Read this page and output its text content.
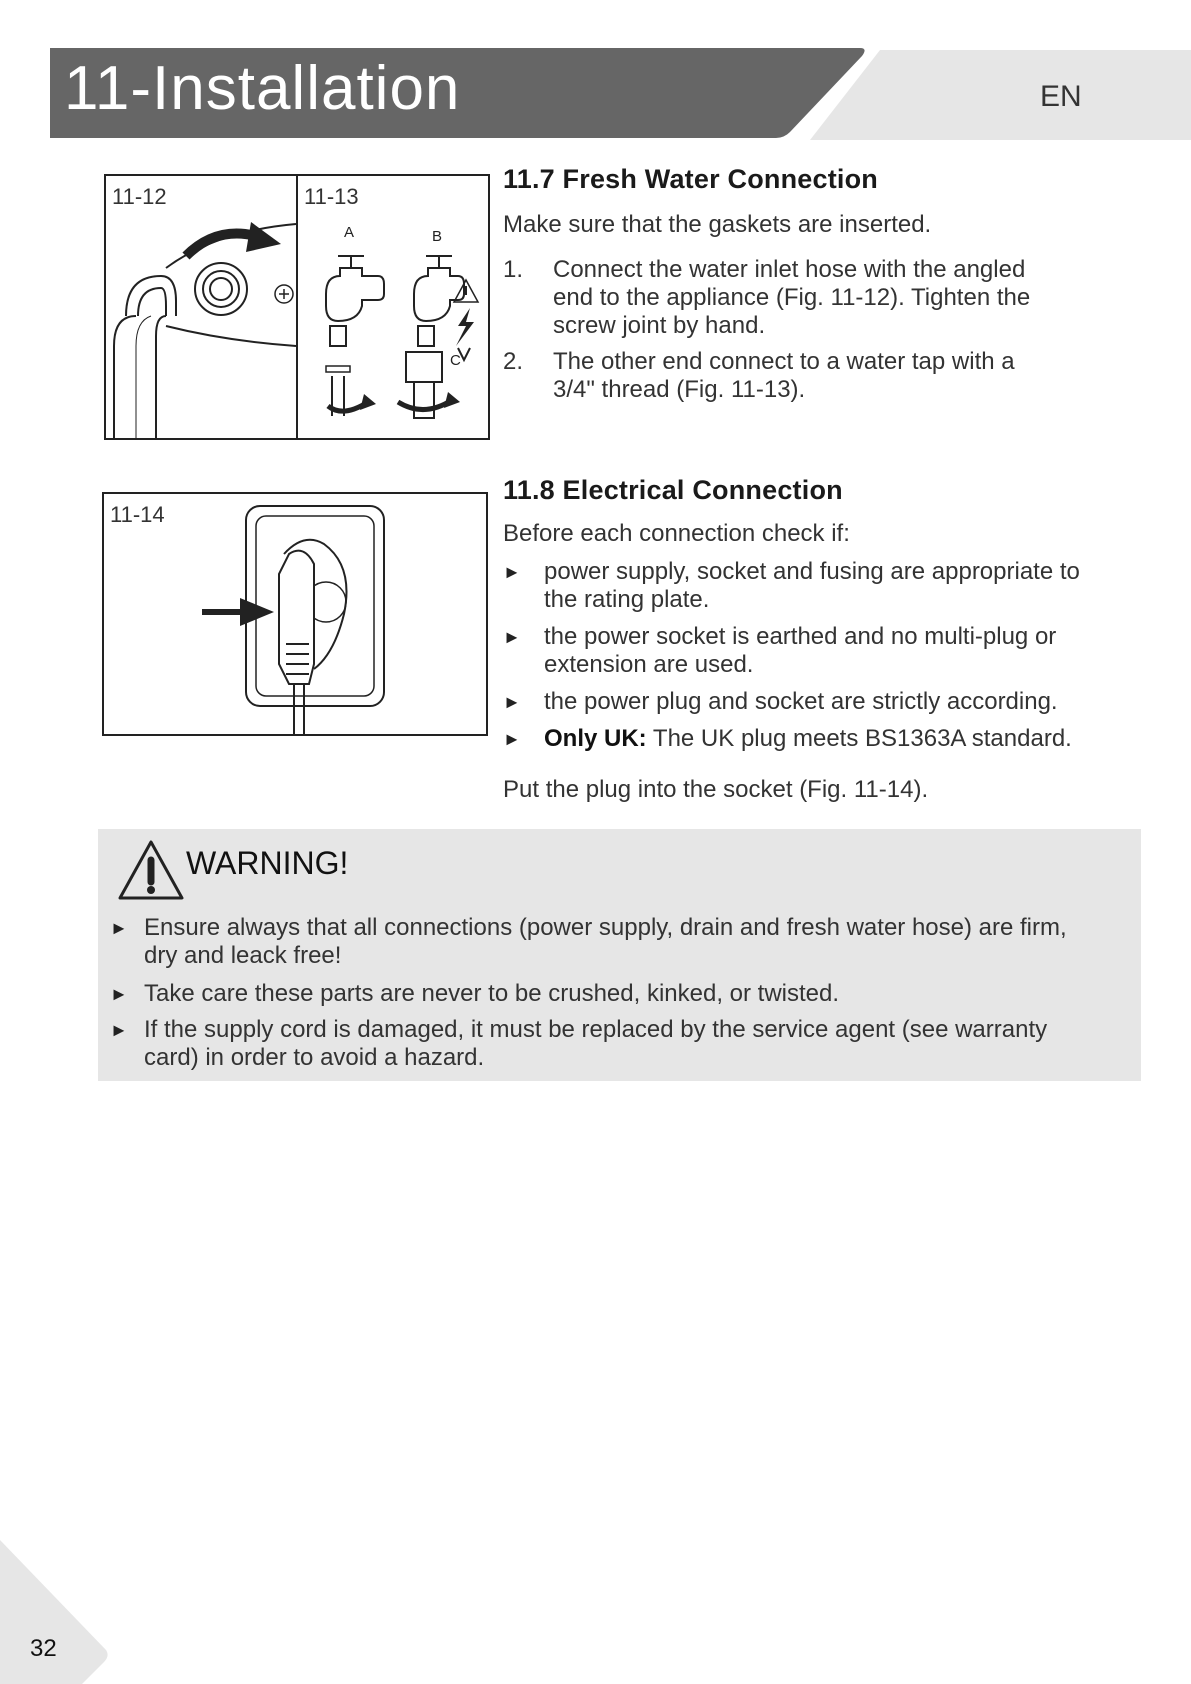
11-Installation	EN
11-12	11-13
A	B
C
11.7 Fresh Water Connection
Make sure that the gaskets are inserted.
1. Connect the water inlet hose with the angled
end to the appliance (Fig. 11-12). Tighten the
screw joint by hand.
2. The other end connect to a water tap with a
3/4" thread (Fig. 11-13).
11-14
11.8 Electrical Connection
Before each connection check if:
► power supply, socket and fusing are appropriate to
the rating plate.
► the power socket is earthed and no multi-plug or
extension are used.
► the power plug and socket are strictly according.
► Only UK: The UK plug meets BS1363A standard.
Put the plug into the socket (Fig. 11-14).
WARNING!
► Ensure always that all connections (power supply, drain and fresh water hose) are firm,
dry and leack free!
► Take care these parts are never to be crushed, kinked, or twisted.
► If the supply cord is damaged, it must be replaced by the service agent (see warranty
card) in order to avoid a hazard.
32
